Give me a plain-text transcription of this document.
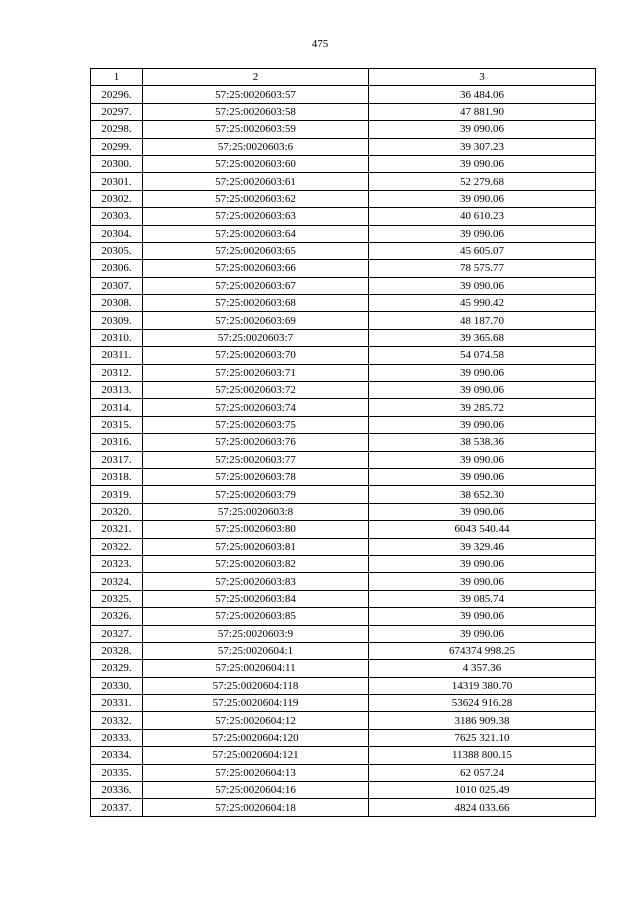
475
1	2	3
20296.	57:25:0020603:57	36 484.06
20297.	57:25:0020603:58	47 881.90
20298.	57:25:0020603:59	39 090.06
20299.	57:25:0020603:6	39 307.23
20300.	57:25:0020603:60	39 090.06
20301.	57:25:0020603:61	52 279.68
20302.	57:25:0020603:62	39 090.06
20303.	57:25:0020603:63	40 610.23
20304.	57:25:0020603:64	39 090.06
20305.	57:25:0020603:65	45 605.07
20306.	57:25:0020603:66	78 575.77
20307.	57:25:0020603:67	39 090.06
20308.	57:25:0020603:68	45 990.42
20309.	57:25:0020603:69	48 187.70
20310.	57:25:0020603:7	39 365.68
20311.	57:25:0020603:70	54 074.58
20312.	57:25:0020603:71	39 090.06
20313.	57:25:0020603:72	39 090.06
20314.	57:25:0020603:74	39 285.72
20315.	57:25:0020603:75	39 090.06
20316.	57:25:0020603:76	38 538.36
20317.	57:25:0020603:77	39 090.06
20318.	57:25:0020603:78	39 090.06
20319.	57:25:0020603:79	38 652.30
20320.	57:25:0020603:8	39 090.06
20321.	57:25:0020603:80	6043 540.44
20322.	57:25:0020603:81	39 329.46
20323.	57:25:0020603:82	39 090.06
20324.	57:25:0020603:83	39 090.06
20325.	57:25:0020603:84	39 085.74
20326.	57:25:0020603:85	39 090.06
20327.	57:25:0020603:9	39 090.06
20328.	57:25:0020604:1	674374 998.25
20329.	57:25:0020604:11	4 357.36
20330.	57:25:0020604:118	14319 380.70
20331.	57:25:0020604:119	53624 916.28
20332.	57:25:0020604:12	3186 909.38
20333.	57:25:0020604:120	7625 321.10
20334.	57:25:0020604:121	11388 800.15
20335.	57:25:0020604:13	62 057.24
20336.	57:25:0020604:16	1010 025.49
20337.	57:25:0020604:18	4824 033.66
